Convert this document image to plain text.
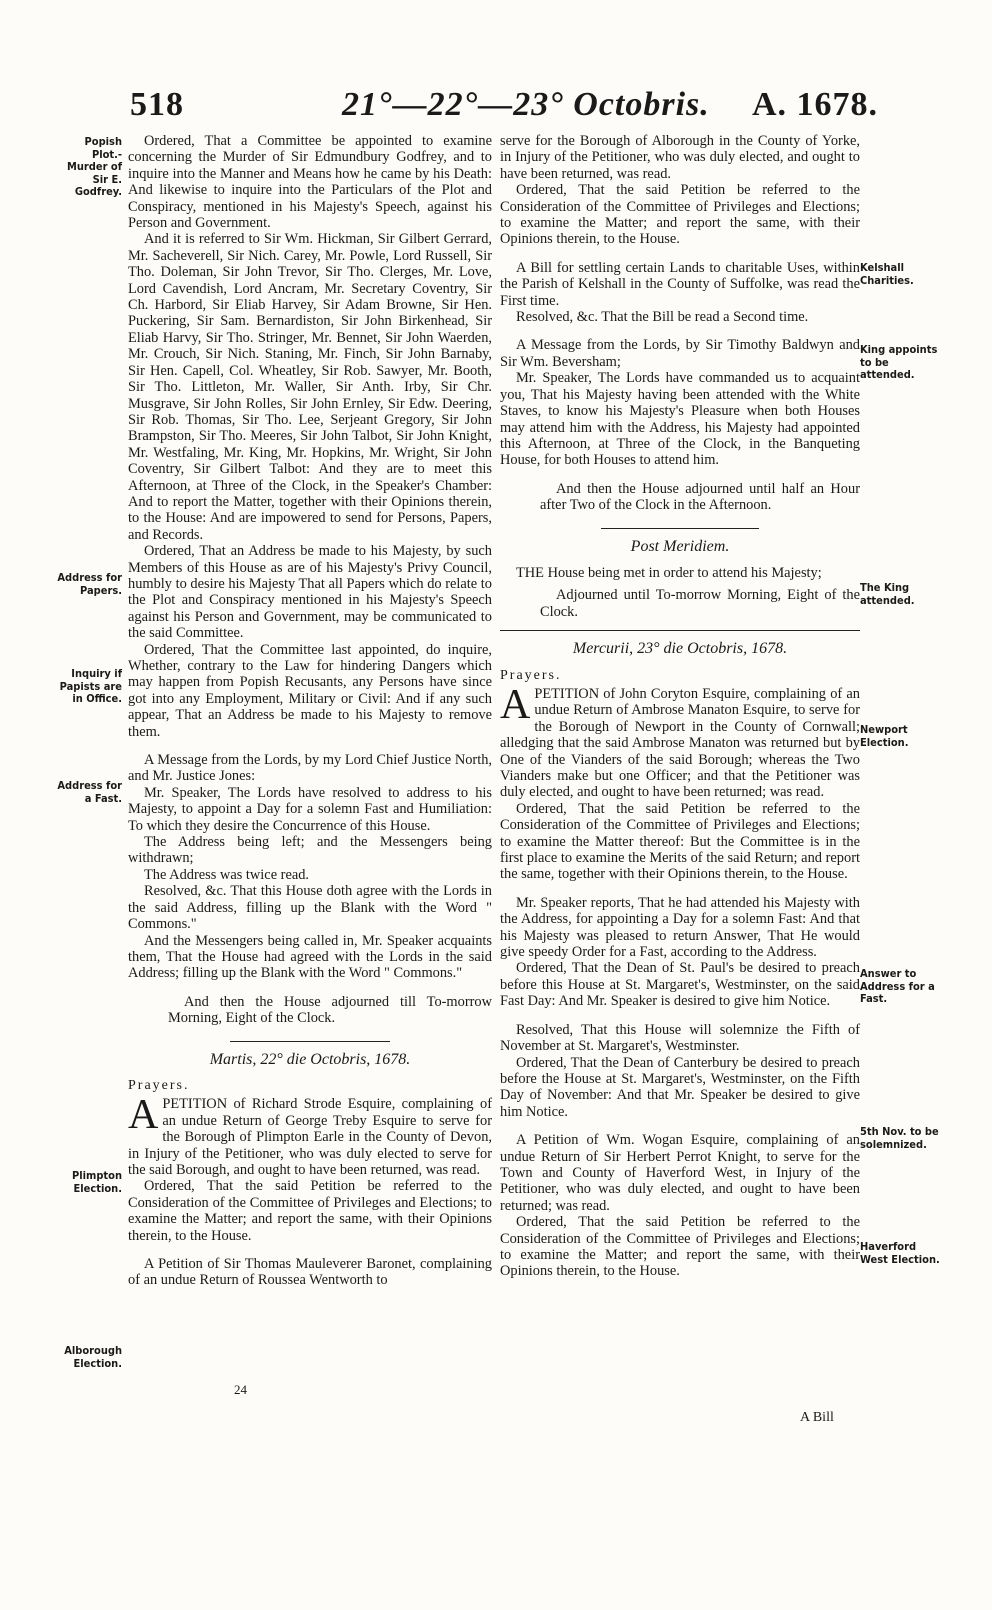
518	21°—22°—23° Octobris. A. 1678.
Popish Plot.-Murder of Sir E. Godfrey.
Address for Papers.
Inquiry if Papists are in Office.
Address for a Fast.
Plimpton Election.
Alborough Election.
Kelshall Charities.
King appoints to be attended.
The King attended.
Newport Election.
Answer to Address for a Fast.
5th Nov. to be solemnized.
Haverford West Election.

Ordered, That a Committee be appointed to examine concerning the Murder of Sir Edmundbury Godfrey, and to inquire into the Manner and Means how he came by his Death: And likewise to inquire into the Particulars of the Plot and Conspiracy, mentioned in his Majesty's Speech, against his Person and Government.

And it is referred to Sir Wm. Hickman, Sir Gilbert Gerrard, Mr. Sacheverell, Sir Nich. Carey, Mr. Powle, Lord Russell, Sir Tho. Doleman, Sir John Trevor, Sir Tho. Clerges, Mr. Love, Lord Cavendish, Lord Ancram, Mr. Secretary Coventry, Sir Ch. Harbord, Sir Eliab Harvey, Sir Adam Browne, Sir Hen. Puckering, Sir Sam. Bernardiston, Sir John Birkenhead, Sir Eliab Harvy, Sir Tho. Stringer, Mr. Bennet, Sir John Waerden, Mr. Crouch, Sir Nich. Staning, Mr. Finch, Sir John Barnaby, Sir Hen. Capell, Col. Wheatley, Sir Rob. Sawyer, Mr. Booth, Sir Tho. Littleton, Mr. Waller, Sir Anth. Irby, Sir Chr. Musgrave, Sir John Rolles, Sir John Ernley, Sir Edw. Deering, Sir Rob. Thomas, Sir Tho. Lee, Serjeant Gregory, Sir John Brampston, Sir Tho. Meeres, Sir John Talbot, Sir John Knight, Mr. Westfaling, Mr. King, Mr. Hopkins, Mr. Wright, Sir John Coventry, Sir Gilbert Talbot: And they are to meet this Afternoon, at Three of the Clock, in the Speaker's Chamber: And to report the Matter, together with their Opinions therein, to the House: And are impowered to send for Persons, Papers, and Records.

Ordered, That an Address be made to his Majesty, by such Members of this House as are of his Majesty's Privy Council, humbly to desire his Majesty That all Papers which do relate to the Plot and Conspiracy mentioned in his Majesty's Speech against his Person and Government, may be communicated to the said Committee.

Ordered, That the Committee last appointed, do inquire, Whether, contrary to the Law for hindering Dangers which may happen from Popish Recusants, any Persons have since got into any Employment, Military or Civil: And if any such appear, That an Address be made to his Majesty to remove them.

A Message from the Lords, by my Lord Chief Justice North, and Mr. Justice Jones:

Mr. Speaker, The Lords have resolved to address to his Majesty, to appoint a Day for a solemn Fast and Humiliation: To which they desire the Concurrence of this House.

The Address being left; and the Messengers being withdrawn;

The Address was twice read.

Resolved, &c. That this House doth agree with the Lords in the said Address, filling up the Blank with the Word " Commons."

And the Messengers being called in, Mr. Speaker acquaints them, That the House had agreed with the Lords in the said Address; filling up the Blank with the Word " Commons."

And then the House adjourned till To-morrow Morning, Eight of the Clock.

Martis, 22° die Octobris, 1678.
Prayers.

APETITION of Richard Strode Esquire, complaining of an undue Return of George Treby Esquire to serve for the Borough of Plimpton Earle in the County of Devon, in Injury of the Petitioner, who was duly elected to serve for the said Borough, and ought to have been returned, was read.

Ordered, That the said Petition be referred to the Consideration of the Committee of Privileges and Elections; to examine the Matter; and report the same, with their Opinions therein, to the House.

A Petition of Sir Thomas Mauleverer Baronet, complaining of an undue Return of Roussea Wentworth to

24

serve for the Borough of Alborough in the County of Yorke, in Injury of the Petitioner, who was duly elected, and ought to have been returned, was read.

Ordered, That the said Petition be referred to the Consideration of the Committee of Privileges and Elections; to examine the Matter; and report the same, with their Opinions therein, to the House.

A Bill for settling certain Lands to charitable Uses, within the Parish of Kelshall in the County of Suffolke, was read the First time.

Resolved, &c. That the Bill be read a Second time.

A Message from the Lords, by Sir Timothy Baldwyn and Sir Wm. Beversham;

Mr. Speaker, The Lords have commanded us to acquaint you, That his Majesty having been attended with the White Staves, to know his Majesty's Pleasure when both Houses may attend him with the Address, his Majesty had appointed this Afternoon, at Three of the Clock, in the Banqueting House, for both Houses to attend him.

And then the House adjourned until half an Hour after Two of the Clock in the Afternoon.

Post Meridiem.

THE House being met in order to attend his Majesty;

Adjourned until To-morrow Morning, Eight of the Clock.

Mercurii, 23° die Octobris, 1678.
Prayers.

APETITION of John Coryton Esquire, complaining of an undue Return of Ambrose Manaton Esquire, to serve for the Borough of Newport in the County of Cornwall; alledging that the said Ambrose Manaton was returned but by One of the Vianders of the said Borough; whereas the Two Vianders make but one Officer; and that the Petitioner was duly elected, and ought to have been returned; was read.

Ordered, That the said Petition be referred to the Consideration of the Committee of Privileges and Elections; to examine the Matter thereof: But the Committee is in the first place to examine the Merits of the said Return; and report the same, together with their Opinions therein, to the House.

Mr. Speaker reports, That he had attended his Majesty with the Address, for appointing a Day for a solemn Fast: And that his Majesty was pleased to return Answer, That He would give speedy Order for a Fast, according to the Address.

Ordered, That the Dean of St. Paul's be desired to preach before this House at St. Margaret's, Westminster, on the said Fast Day: And Mr. Speaker is desired to give him Notice.

Resolved, That this House will solemnize the Fifth of November at St. Margaret's, Westminster.

Ordered, That the Dean of Canterbury be desired to preach before the House at St. Margaret's, Westminster, on the Fifth Day of November: And that Mr. Speaker be desired to give him Notice.

A Petition of Wm. Wogan Esquire, complaining of an undue Return of Sir Herbert Perrot Knight, to serve for the Town and County of Haverford West, in Injury of the Petitioner, who was duly elected, and ought to have been returned; was read.

Ordered, That the said Petition be referred to the Consideration of the Committee of Privileges and Elections; to examine the Matter; and report the same, with their Opinions therein, to the House.

A Bill
